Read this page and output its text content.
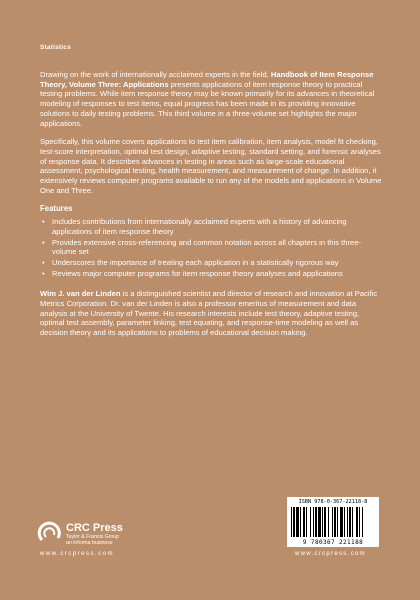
Statistics

Drawing on the work of internationally acclaimed experts in the field, Handbook of Item Response Theory, Volume Three: Applications presents applications of item response theory to practical testing problems. While item response theory may be known primarily for its advances in theoretical modeling of responses to test items, equal progress has been made in its providing innovative solutions to daily testing problems. This third volume in a three-volume set highlights the major applications.

Specifically, this volume covers applications to test item calibration, item analysis, model fit checking, test-score interpretation, optimal test design, adaptive testing, standard setting, and forensic analyses of response data. It describes advances in testing in areas such as large-scale educational assessment, psychological testing, health measurement, and measurement of change. In addition, it extensively reviews computer programs available to run any of the models and applications in Volume One and Three.

Features
• Includes contributions from internationally acclaimed experts with a history of advancing applications of item response theory
• Provides extensive cross-referencing and common notation across all chapters in this three-volume set
• Underscores the importance of treating each application in a statistically rigorous way
• Reviews major computer programs for item response theory analyses and applications

Wim J. van der Linden is a distinguished scientist and director of research and innovation at Pacific Metrics Corporation. Dr. van der Linden is also a professor emeritus of measurement and data analysis at the University of Twente. His research interests include test theory, adaptive testing, optimal test assembly, parameter linking, test equating, and response-time modeling as well as decision theory and its applications to problems of educational decision making.

CRC Press
Taylor & Francis Group
an informa business
www.crcpress.com
ISBN 978-0-367-22118-8
9 780367 221188
www.crcpress.com
